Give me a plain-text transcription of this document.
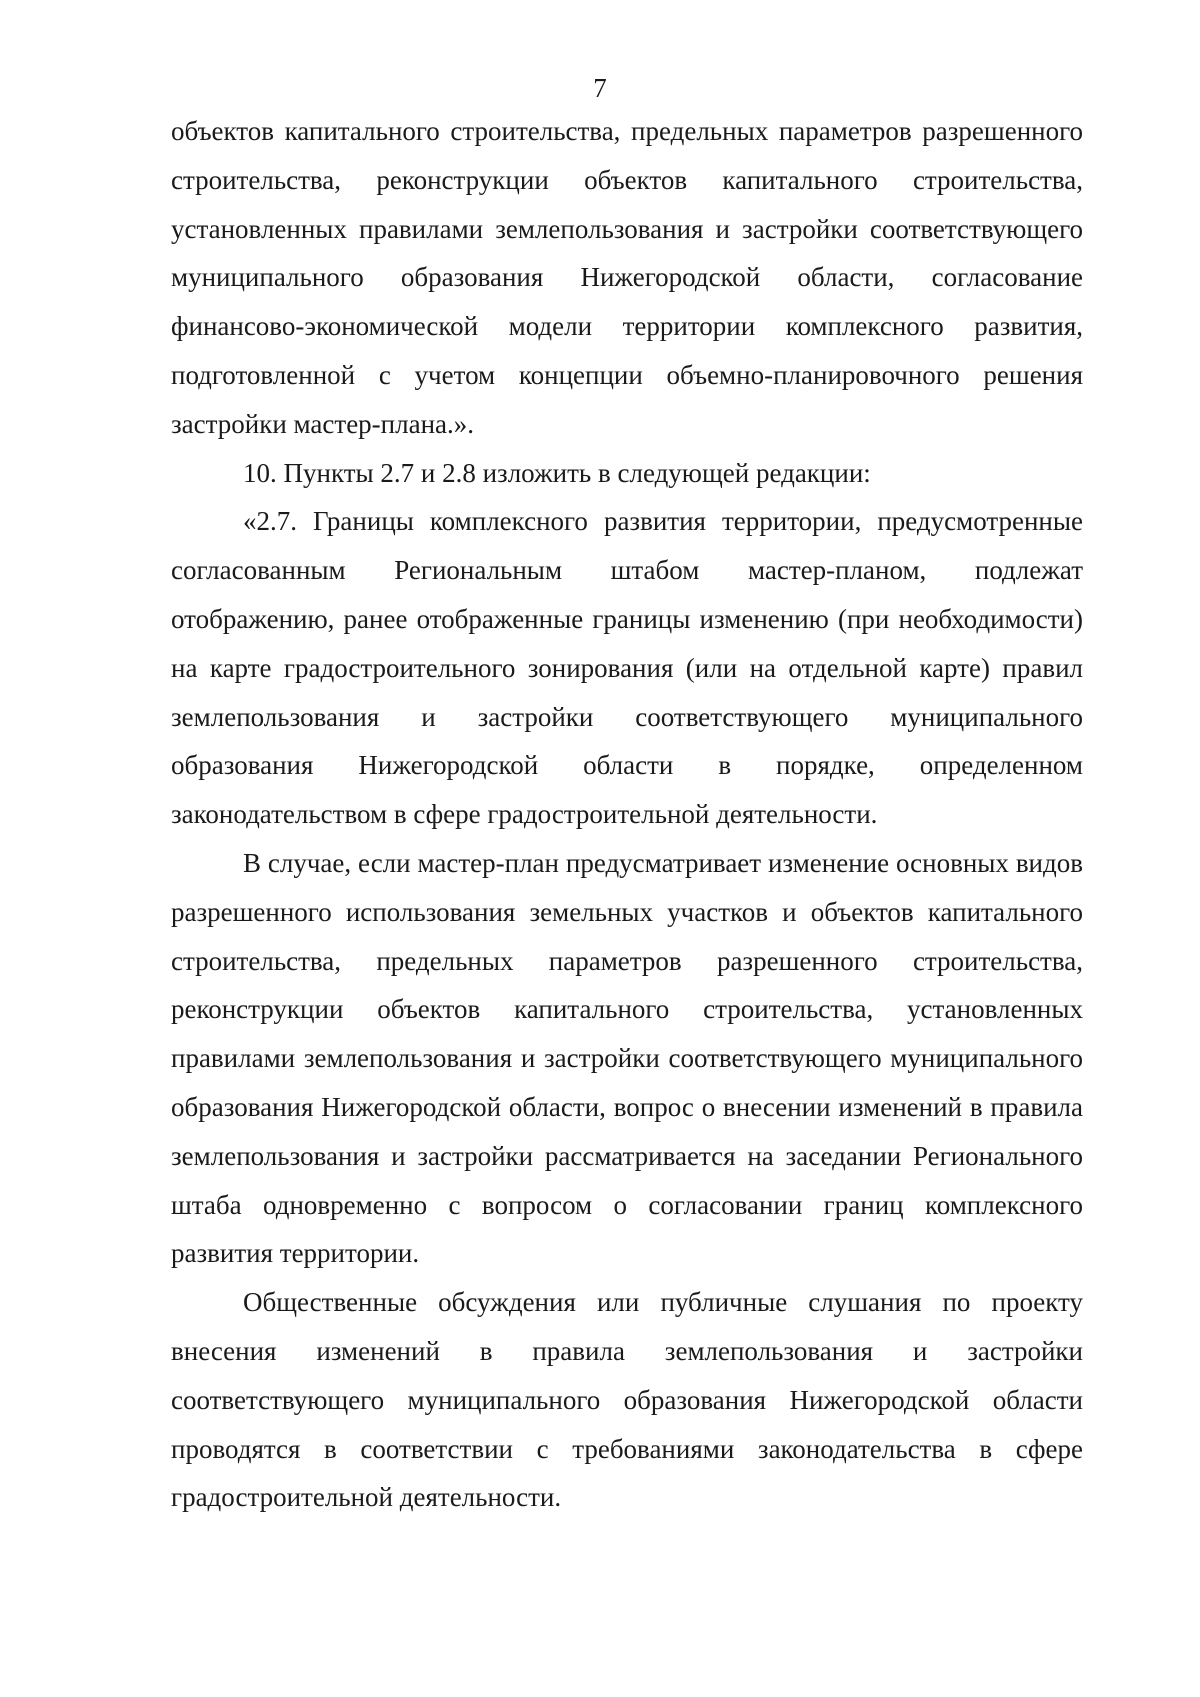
7

объектов капитального строительства, предельных параметров разрешенного строительства, реконструкции объектов капитального строительства, установленных правилами землепользования и застройки соответствующего муниципального образования Нижегородской области, согласование финансово-экономической модели территории комплексного развития, подготовленной с учетом концепции объемно-планировочного решения застройки мастер-плана.».

10. Пункты 2.7 и 2.8 изложить в следующей редакции:

«2.7. Границы комплексного развития территории, предусмотренные согласованным Региональным штабом мастер-планом, подлежат отображению, ранее отображенные границы изменению (при необходимости) на карте градостроительного зонирования (или на отдельной карте) правил землепользования и застройки соответствующего муниципального образования Нижегородской области в порядке, определенном законодательством в сфере градостроительной деятельности.

В случае, если мастер-план предусматривает изменение основных видов разрешенного использования земельных участков и объектов капитального строительства, предельных параметров разрешенного строительства, реконструкции объектов капитального строительства, установленных правилами землепользования и застройки соответствующего муниципального образования Нижегородской области, вопрос о внесении изменений в правила землепользования и застройки рассматривается на заседании Регионального штаба одновременно с вопросом о согласовании границ комплексного развития территории.

Общественные обсуждения или публичные слушания по проекту внесения изменений в правила землепользования и застройки соответствующего муниципального образования Нижегородской области проводятся в соответствии с требованиями законодательства в сфере градостроительной деятельности.
